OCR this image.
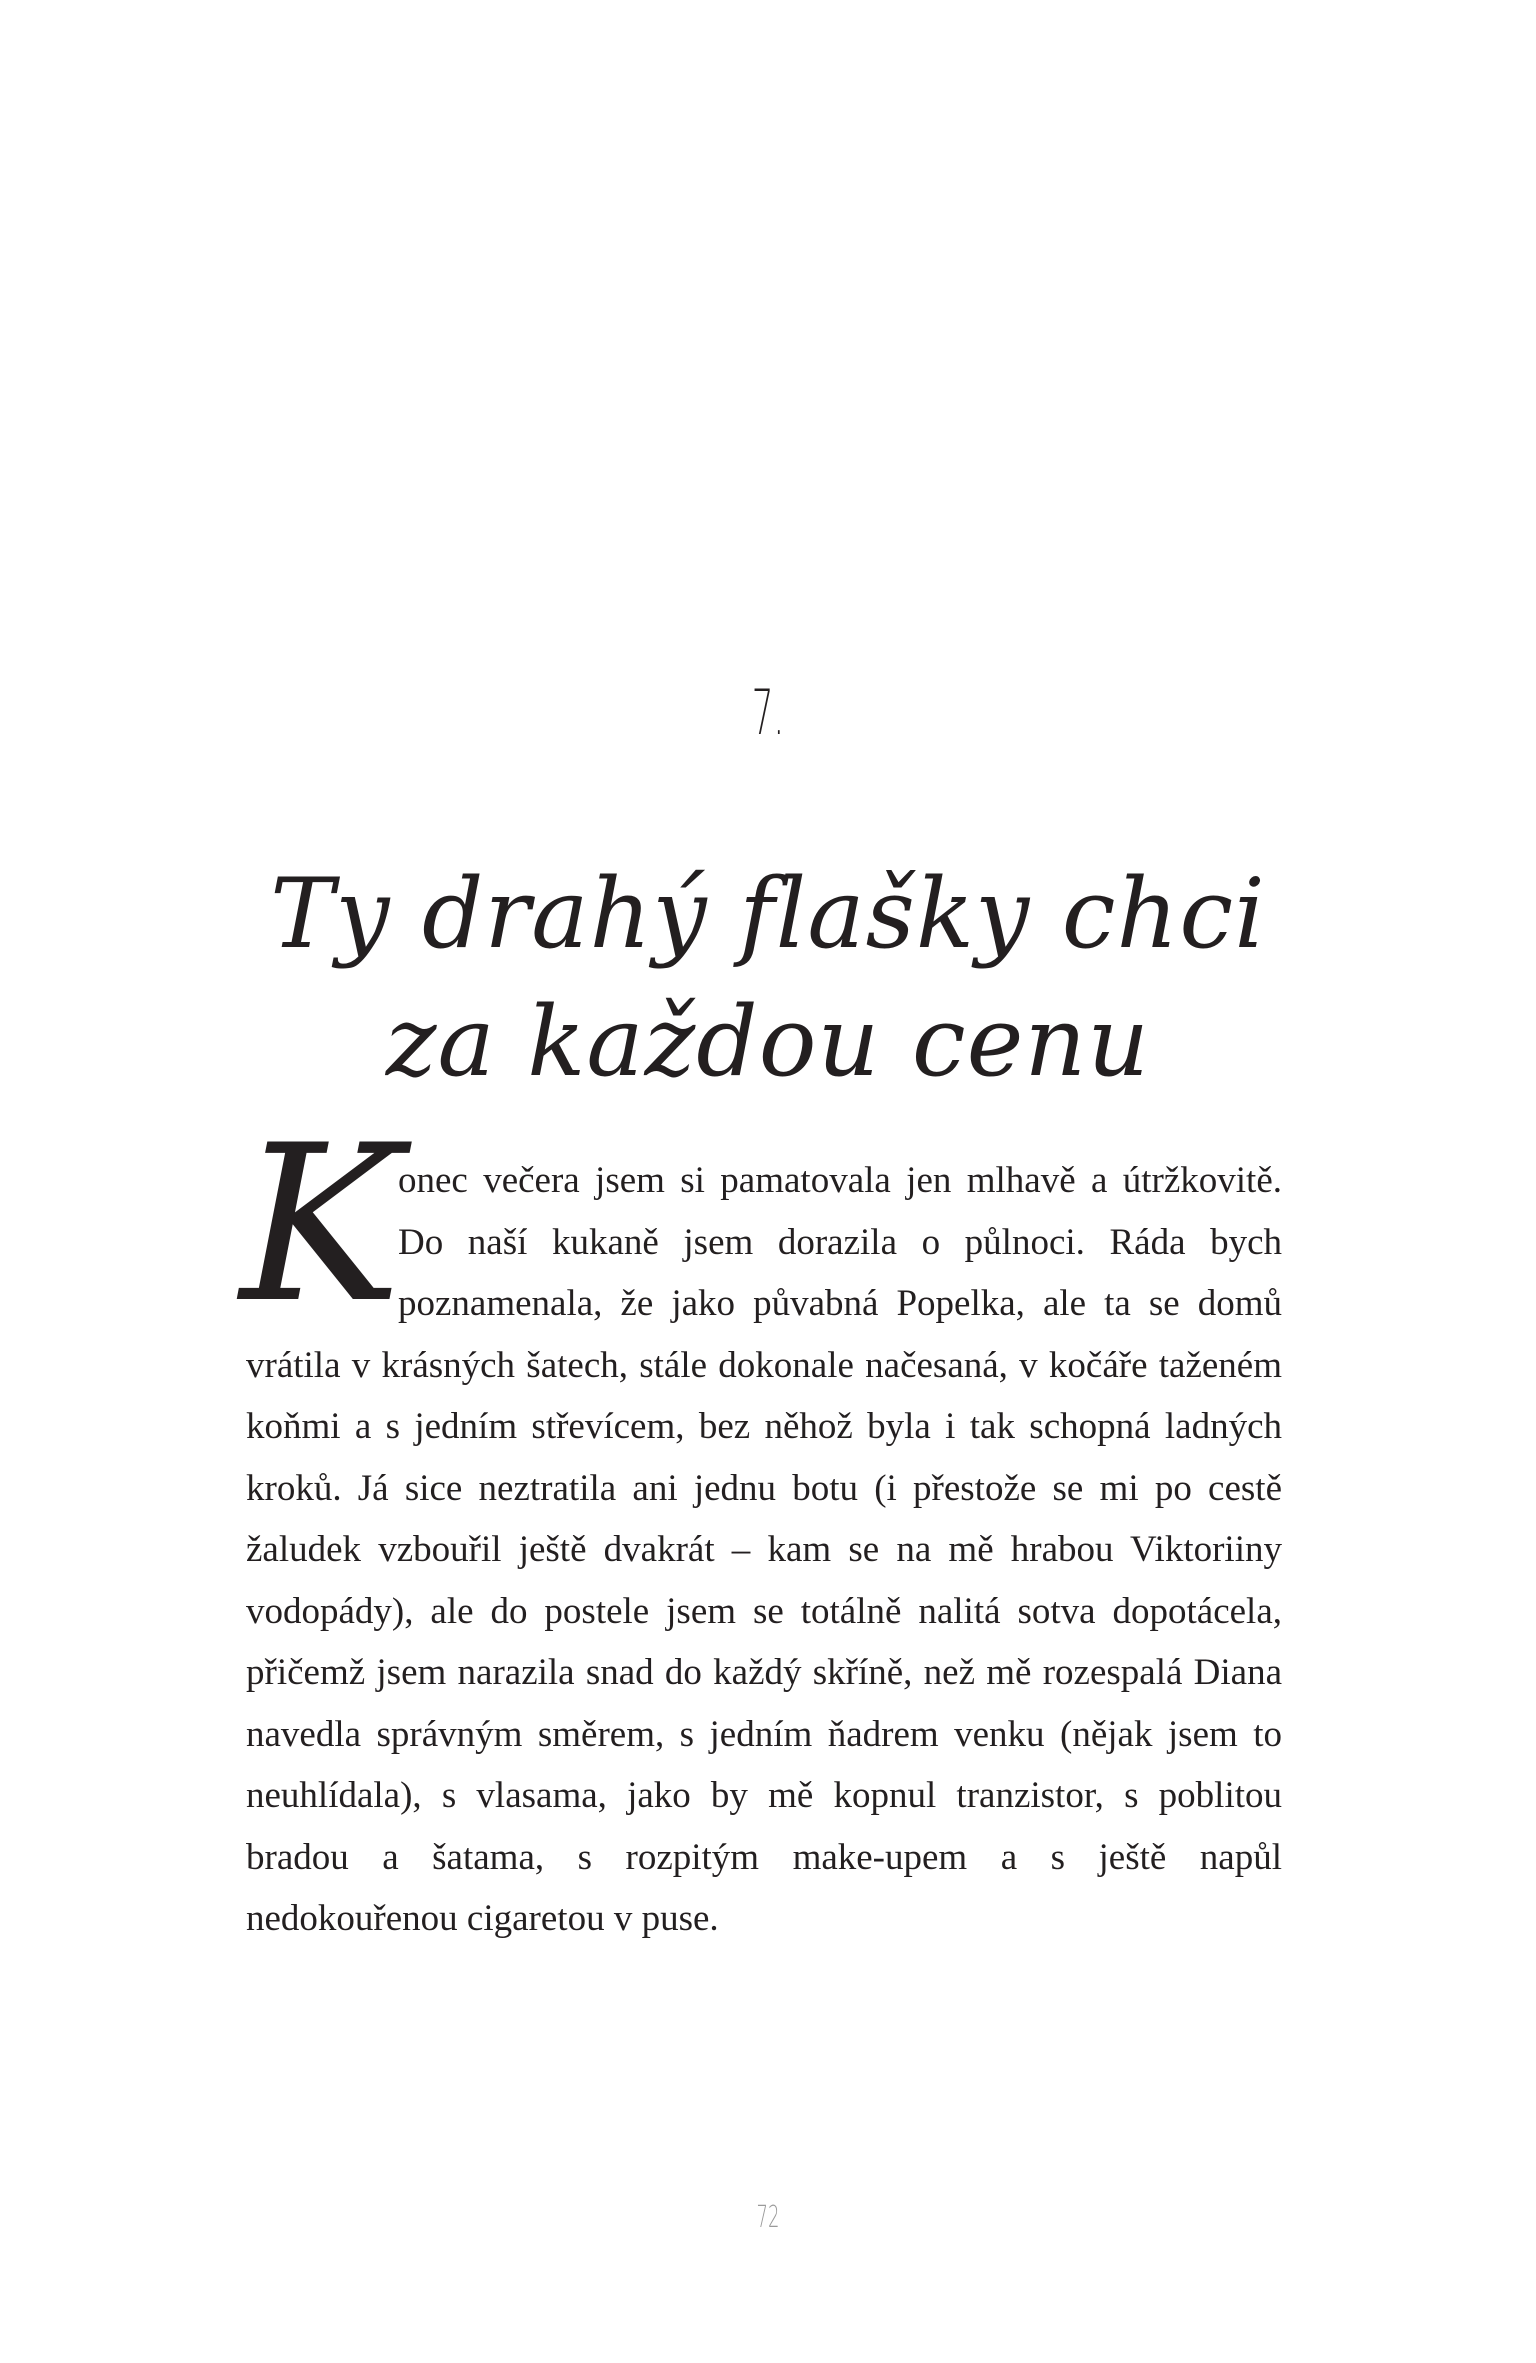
7.
Ty drahý flašky chci
za každou cenu

K
onec večera jsem si pamatovala jen mlhavě a útržkovitě. Do naší kukaně jsem dorazila o půlnoci. Ráda bych poznamenala, že jako půvabná Popelka, ale ta se domů vrátila v krásných šatech, stále dokonale načesaná, v kočáře taženém koňmi a s jedním střevícem, bez něhož byla i tak schopná ladných kroků. Já sice neztratila ani jednu botu (i přestože se mi po cestě žaludek vzbouřil ještě dvakrát – kam se na mě hrabou Viktoriiny vodopády), ale do postele jsem se totálně nalitá sotva dopotácela, přičemž jsem narazila snad do každý skříně, než mě rozespalá Diana navedla správným směrem, s jedním ňadrem venku (nějak jsem to neuhlídala), s vlasama, jako by mě kopnul tranzistor, s poblitou bradou a šatama, s rozpitým make-upem a s ještě napůl nedokouřenou cigaretou v puse.

72
